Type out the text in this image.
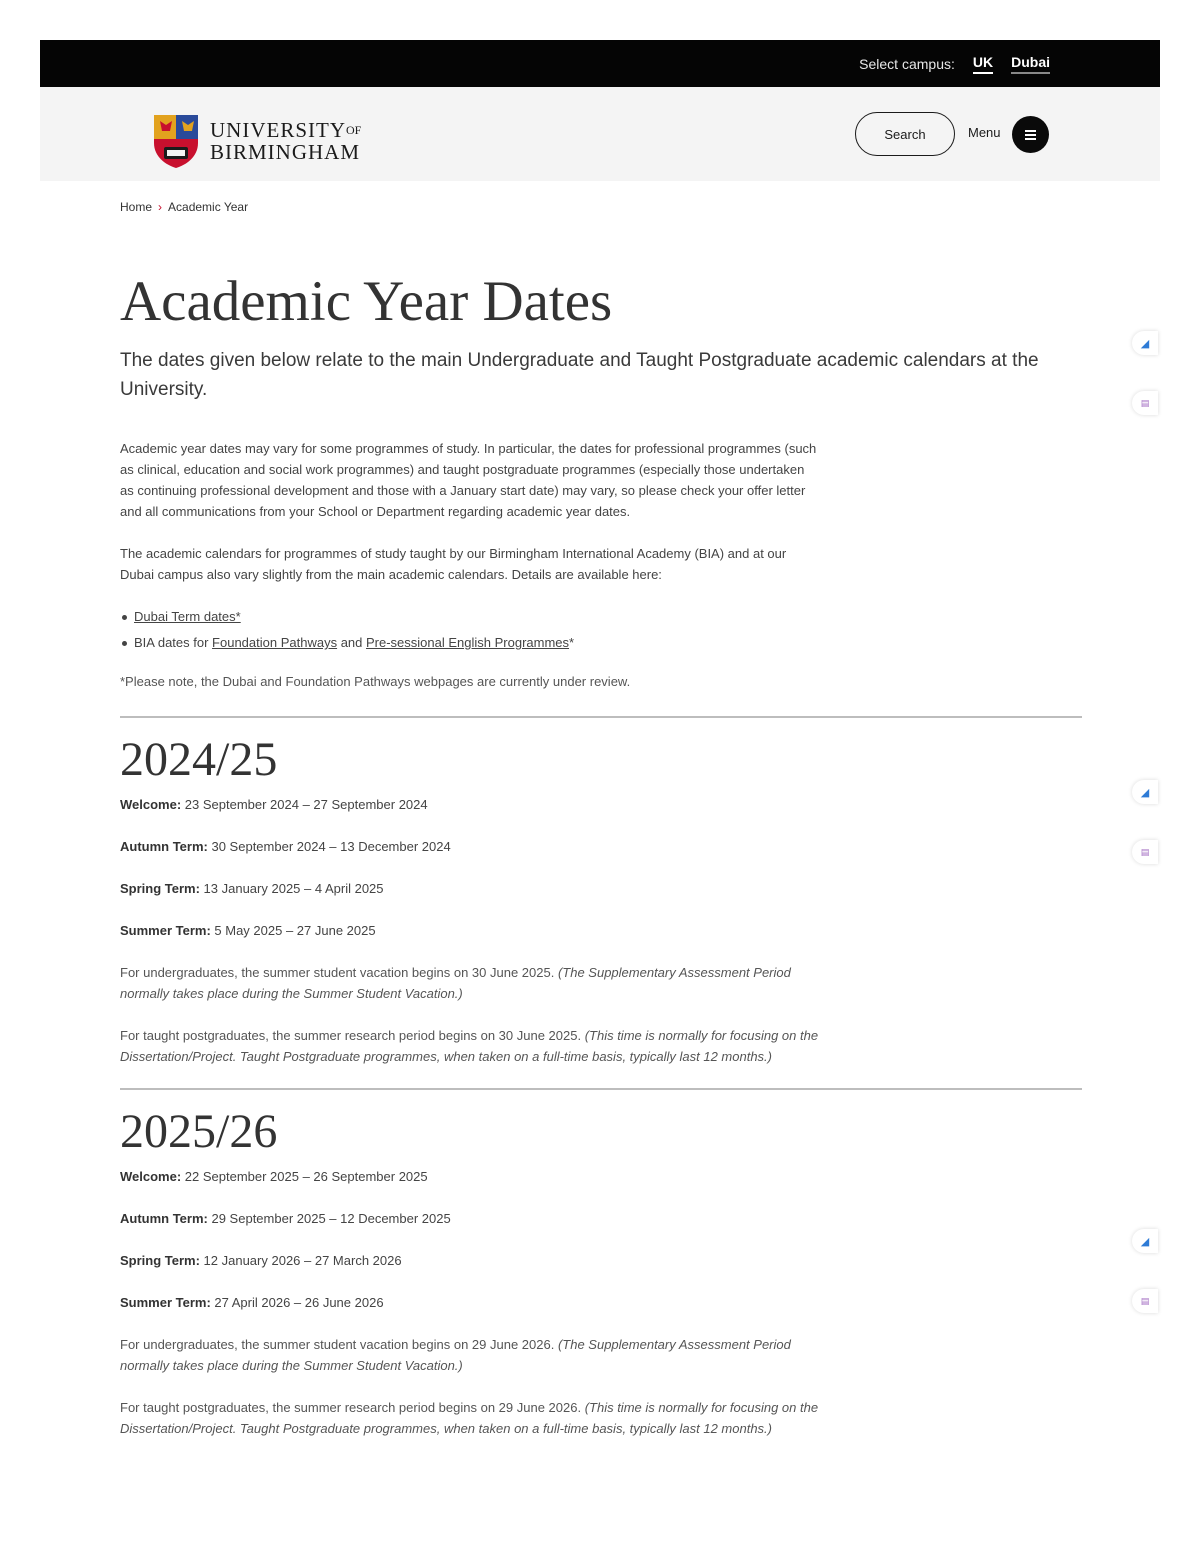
Select campus: UK Dubai
$UNIVERSITY^{OF}$
BIRMINGHAM
Search	Menu
Home › Academic Year
Academic Year Dates

The dates given below relate to the main Undergraduate and Taught Postgraduate academic calendars at the University.

Academic year dates may vary for some programmes of study. In particular, the dates for professional programmes (such as clinical, education and social work programmes) and taught postgraduate programmes (especially those undertaken as continuing professional development and those with a January start date) may vary, so please check your offer letter and all communications from your School or Department regarding academic year dates.
The academic calendars for programmes of study taught by our Birmingham International Academy (BIA) and at our Dubai campus also vary slightly from the main academic calendars. Details are available here:
Dubai Term dates*
BIA dates for Foundation Pathways and Pre-sessional English Programmes*
*Please note, the Dubai and Foundation Pathways webpages are currently under review.
2024/25

Welcome: 23 September 2024 – 27 September 2024

Autumn Term: 30 September 2024 – 13 December 2024

Spring Term: 13 January 2025 – 4 April 2025

Summer Term: 5 May 2025 – 27 June 2025

For undergraduates, the summer student vacation begins on 30 June 2025. (The Supplementary Assessment Period normally takes place during the Summer Student Vacation.)

For taught postgraduates, the summer research period begins on 30 June 2025. (This time is normally for focusing on the Dissertation/Project. Taught Postgraduate programmes, when taken on a full-time basis, typically last 12 months.)

2025/26

Welcome: 22 September 2025 – 26 September 2025

Autumn Term: 29 September 2025 – 12 December 2025

Spring Term: 12 January 2026 – 27 March 2026

Summer Term: 27 April 2026 – 26 June 2026

For undergraduates, the summer student vacation begins on 29 June 2026. (The Supplementary Assessment Period normally takes place during the Summer Student Vacation.)

For taught postgraduates, the summer research period begins on 29 June 2026. (This time is normally for focusing on the Dissertation/Project. Taught Postgraduate programmes, when taken on a full-time basis, typically last 12 months.)

◢
▤
◢
▤
◢
▤
